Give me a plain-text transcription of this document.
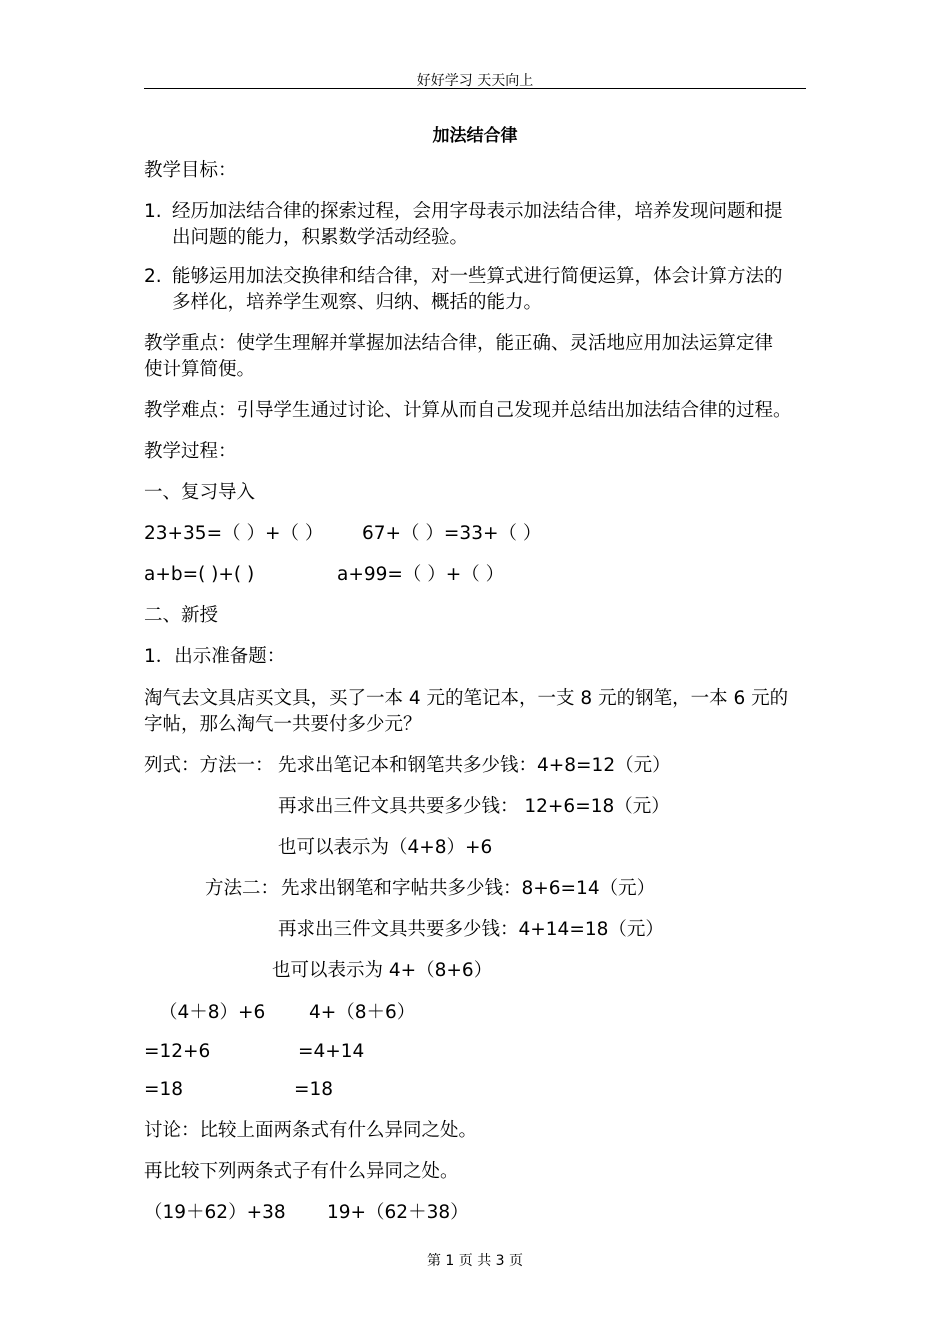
好好学习 天天向上
加法结合律
教学目标：
1. 经历加法结合律的探索过程，会用字母表示加法结合律，培养发现问题和提
出问题的能力，积累数学活动经验。
2. 能够运用加法交换律和结合律，对一些算式进行简便运算，体会计算方法的
多样化，培养学生观察、归纳、概括的能力。
教学重点：使学生理解并掌握加法结合律，能正确、灵活地应用加法运算定律
使计算简便。
教学难点：引导学生通过讨论、计算从而自己发现并总结出加法结合律的过程。
教学过程：
一、复习导入
23+35=（ ）+（ ） 67+（ ）=33+（ ）
a+b=( )+( )	a+99=（ ）+（ ）
二、新授
1．出示准备题：
淘气去文具店买文具，买了一本 4 元的笔记本，一支 8 元的钢笔，一本 6 元的
字帖，那么淘气一共要付多少元？
列式：方法一： 先求出笔记本和钢笔共多少钱：4+8=12（元）
再求出三件文具共要多少钱： 12+6=18（元）
也可以表示为（4+8）+6
方法二： 先求出钢笔和字帖共多少钱：8+6=14（元）
再求出三件文具共要多少钱：4+14=18（元）
也可以表示为 4+（8+6）
（4＋8）+6 4+（8＋6）
=12+6	=4+14
=18	=18
讨论：比较上面两条式有什么异同之处。
再比较下列两条式子有什么异同之处。
（19＋62）+38 19+（62＋38）
第 1 页 共 3 页
